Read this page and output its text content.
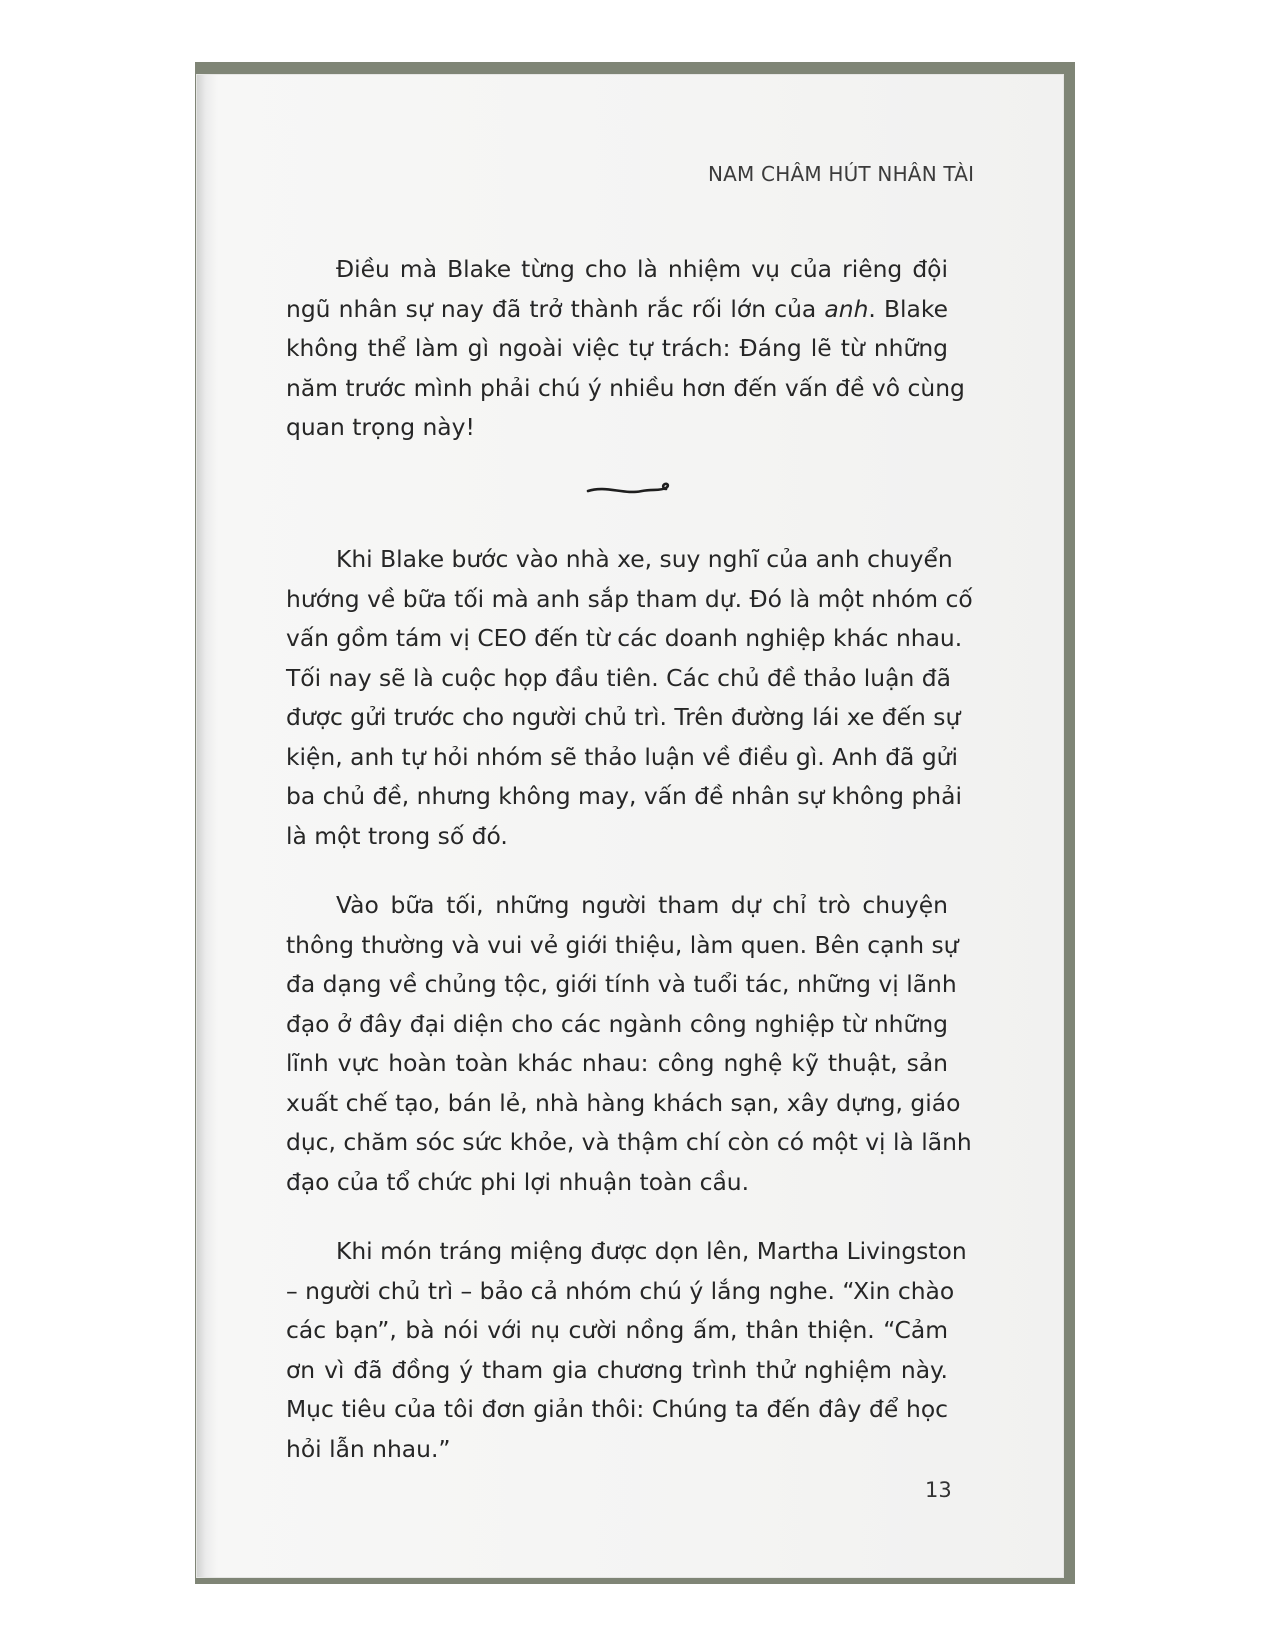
NAM CHÂM HÚT NHÂN TÀI
Điều mà Blake từng cho là nhiệm vụ của riêng đội
ngũ nhân sự nay đã trở thành rắc rối lớn của anh. Blake
không thể làm gì ngoài việc tự trách: Đáng lẽ từ những
năm trước mình phải chú ý nhiều hơn đến vấn đề vô cùng
quan trọng này!
Khi Blake bước vào nhà xe, suy nghĩ của anh chuyển
hướng về bữa tối mà anh sắp tham dự. Đó là một nhóm cố
vấn gồm tám vị CEO đến từ các doanh nghiệp khác nhau.
Tối nay sẽ là cuộc họp đầu tiên. Các chủ đề thảo luận đã
được gửi trước cho người chủ trì. Trên đường lái xe đến sự
kiện, anh tự hỏi nhóm sẽ thảo luận về điều gì. Anh đã gửi
ba chủ đề, nhưng không may, vấn đề nhân sự không phải
là một trong số đó.
Vào bữa tối, những người tham dự chỉ trò chuyện
thông thường và vui vẻ giới thiệu, làm quen. Bên cạnh sự
đa dạng về chủng tộc, giới tính và tuổi tác, những vị lãnh
đạo ở đây đại diện cho các ngành công nghiệp từ những
lĩnh vực hoàn toàn khác nhau: công nghệ kỹ thuật, sản
xuất chế tạo, bán lẻ, nhà hàng khách sạn, xây dựng, giáo
dục, chăm sóc sức khỏe, và thậm chí còn có một vị là lãnh
đạo của tổ chức phi lợi nhuận toàn cầu.
Khi món tráng miệng được dọn lên, Martha Livingston
– người chủ trì – bảo cả nhóm chú ý lắng nghe. “Xin chào
các bạn”, bà nói với nụ cười nồng ấm, thân thiện. “Cảm
ơn vì đã đồng ý tham gia chương trình thử nghiệm này.
Mục tiêu của tôi đơn giản thôi: Chúng ta đến đây để học
hỏi lẫn nhau.”
13
